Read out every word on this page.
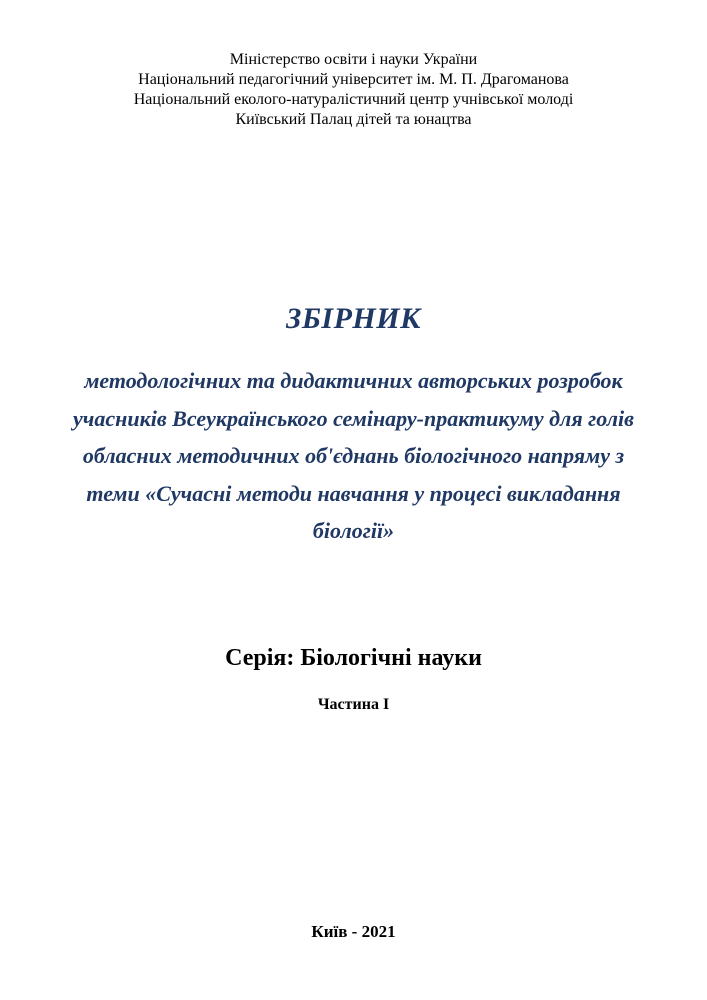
Міністерство освіти і науки України
Національний педагогічний університет ім. М. П. Драгоманова
Національний еколого-натуралістичний центр учнівської молоді
Київський Палац дітей та юнацтва
ЗБІРНИК
методологічних та дидактичних авторських розробок
учасників Всеукраїнського семінару-практикуму для голів
обласних методичних об'єднань біологічного напряму з
теми «Сучасні методи навчання у процесі викладання
біології»
Серія: Біологічні науки
Частина І
Київ - 2021
